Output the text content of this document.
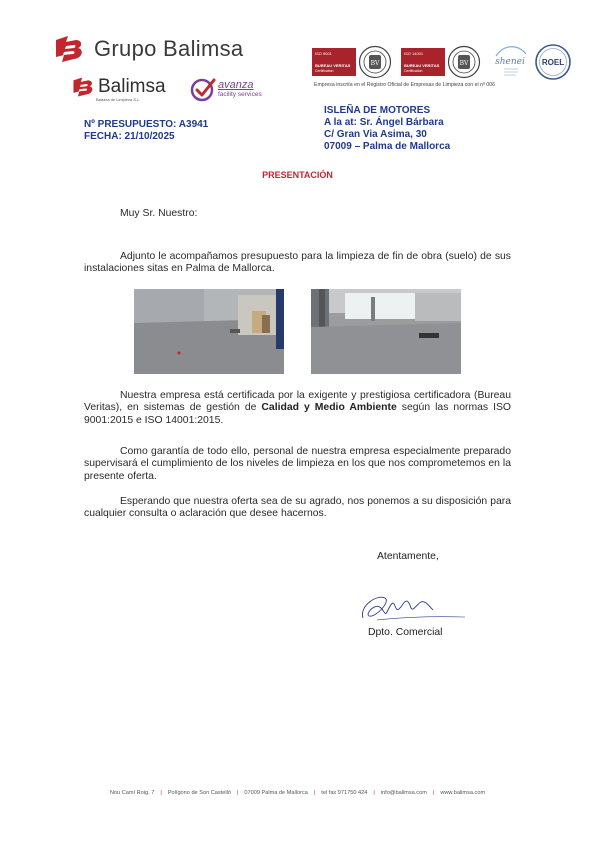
Grupo Balimsa
Balimsa
Balsera de Limpieza S.L.
avanza
facility services
ISO 9001
BUREAU VERITAS
Certification
BV
ISO 14001
BUREAU VERITAS
Certification
BV	shenei ROEL
Empresa inscrita en el Registro Oficial de Empresas de Limpieza con el nº 006
ISLEÑA DE MOTORES
A la at: Sr. Ángel Bárbara
C/ Gran Via Asima, 30
07009 – Palma de Mallorca
Nº PRESUPUESTO: A3941
FECHA: 21/10/2025
PRESENTACIÓN
Muy Sr. Nuestro:
Adjunto le acompañamos presupuesto para la limpieza de fin de obra (suelo) de sus instalaciones sitas en Palma de Mallorca.
Nuestra empresa está certificada por la exigente y prestigiosa certificadora (Bureau Veritas), en sistemas de gestión de Calidad y Medio Ambiente según las normas ISO 9001:2015 e ISO 14001:2015.
Como garantía de todo ello, personal de nuestra empresa especialmente preparado supervisará el cumplimiento de los niveles de limpieza en los que nos comprometemos en la presente oferta.
Esperando que nuestra oferta sea de su agrado, nos ponemos a su disposición para cualquier consulta o aclaración que desee hacernos.
Atentamente,
Dpto. Comercial
Nou Camí Roig, 7 | Polígono de Son Castelló | 07009 Palma de Mallorca | tel fax 971750 424 | info@balimsa.com | www.balimsa.com
